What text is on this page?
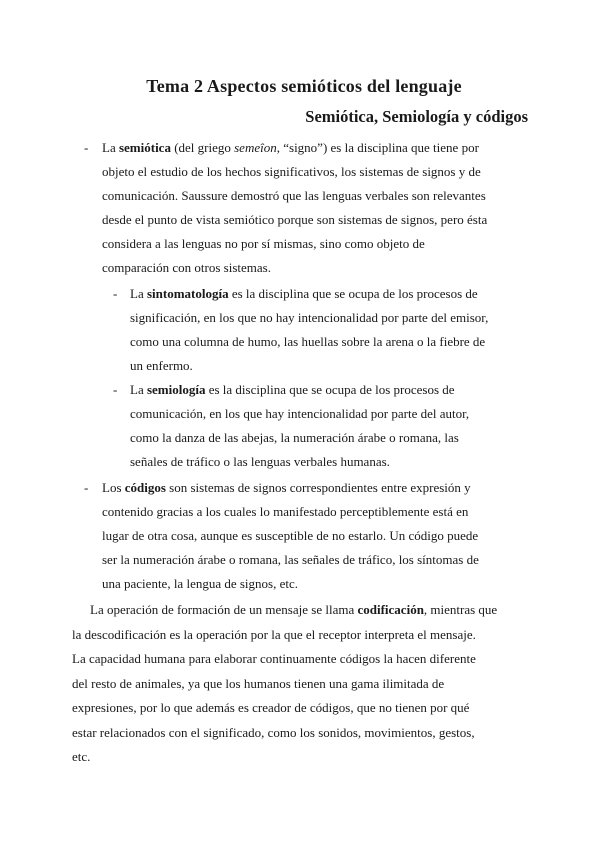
Tema 2 Aspectos semióticos del lenguaje
Semiótica, Semiología y códigos
- La semiótica (del griego semeîon, “signo”) es la disciplina que tiene por
objeto el estudio de los hechos significativos, los sistemas de signos y de
comunicación. Saussure demostró que las lenguas verbales son relevantes
desde el punto de vista semiótico porque son sistemas de signos, pero ésta
considera a las lenguas no por sí mismas, sino como objeto de
comparación con otros sistemas.
- La sintomatología es la disciplina que se ocupa de los procesos de
significación, en los que no hay intencionalidad por parte del emisor,
como una columna de humo, las huellas sobre la arena o la fiebre de
un enfermo.
- La semiología es la disciplina que se ocupa de los procesos de
comunicación, en los que hay intencionalidad por parte del autor,
como la danza de las abejas, la numeración árabe o romana, las
señales de tráfico o las lenguas verbales humanas.
- Los códigos son sistemas de signos correspondientes entre expresión y
contenido gracias a los cuales lo manifestado perceptiblemente está en
lugar de otra cosa, aunque es susceptible de no estarlo. Un código puede
ser la numeración árabe o romana, las señales de tráfico, los síntomas de
una paciente, la lengua de signos, etc.
La operación de formación de un mensaje se llama codificación, mientras que
la descodificación es la operación por la que el receptor interpreta el mensaje.
La capacidad humana para elaborar continuamente códigos la hacen diferente
del resto de animales, ya que los humanos tienen una gama ilimitada de
expresiones, por lo que además es creador de códigos, que no tienen por qué
estar relacionados con el significado, como los sonidos, movimientos, gestos,
etc.
